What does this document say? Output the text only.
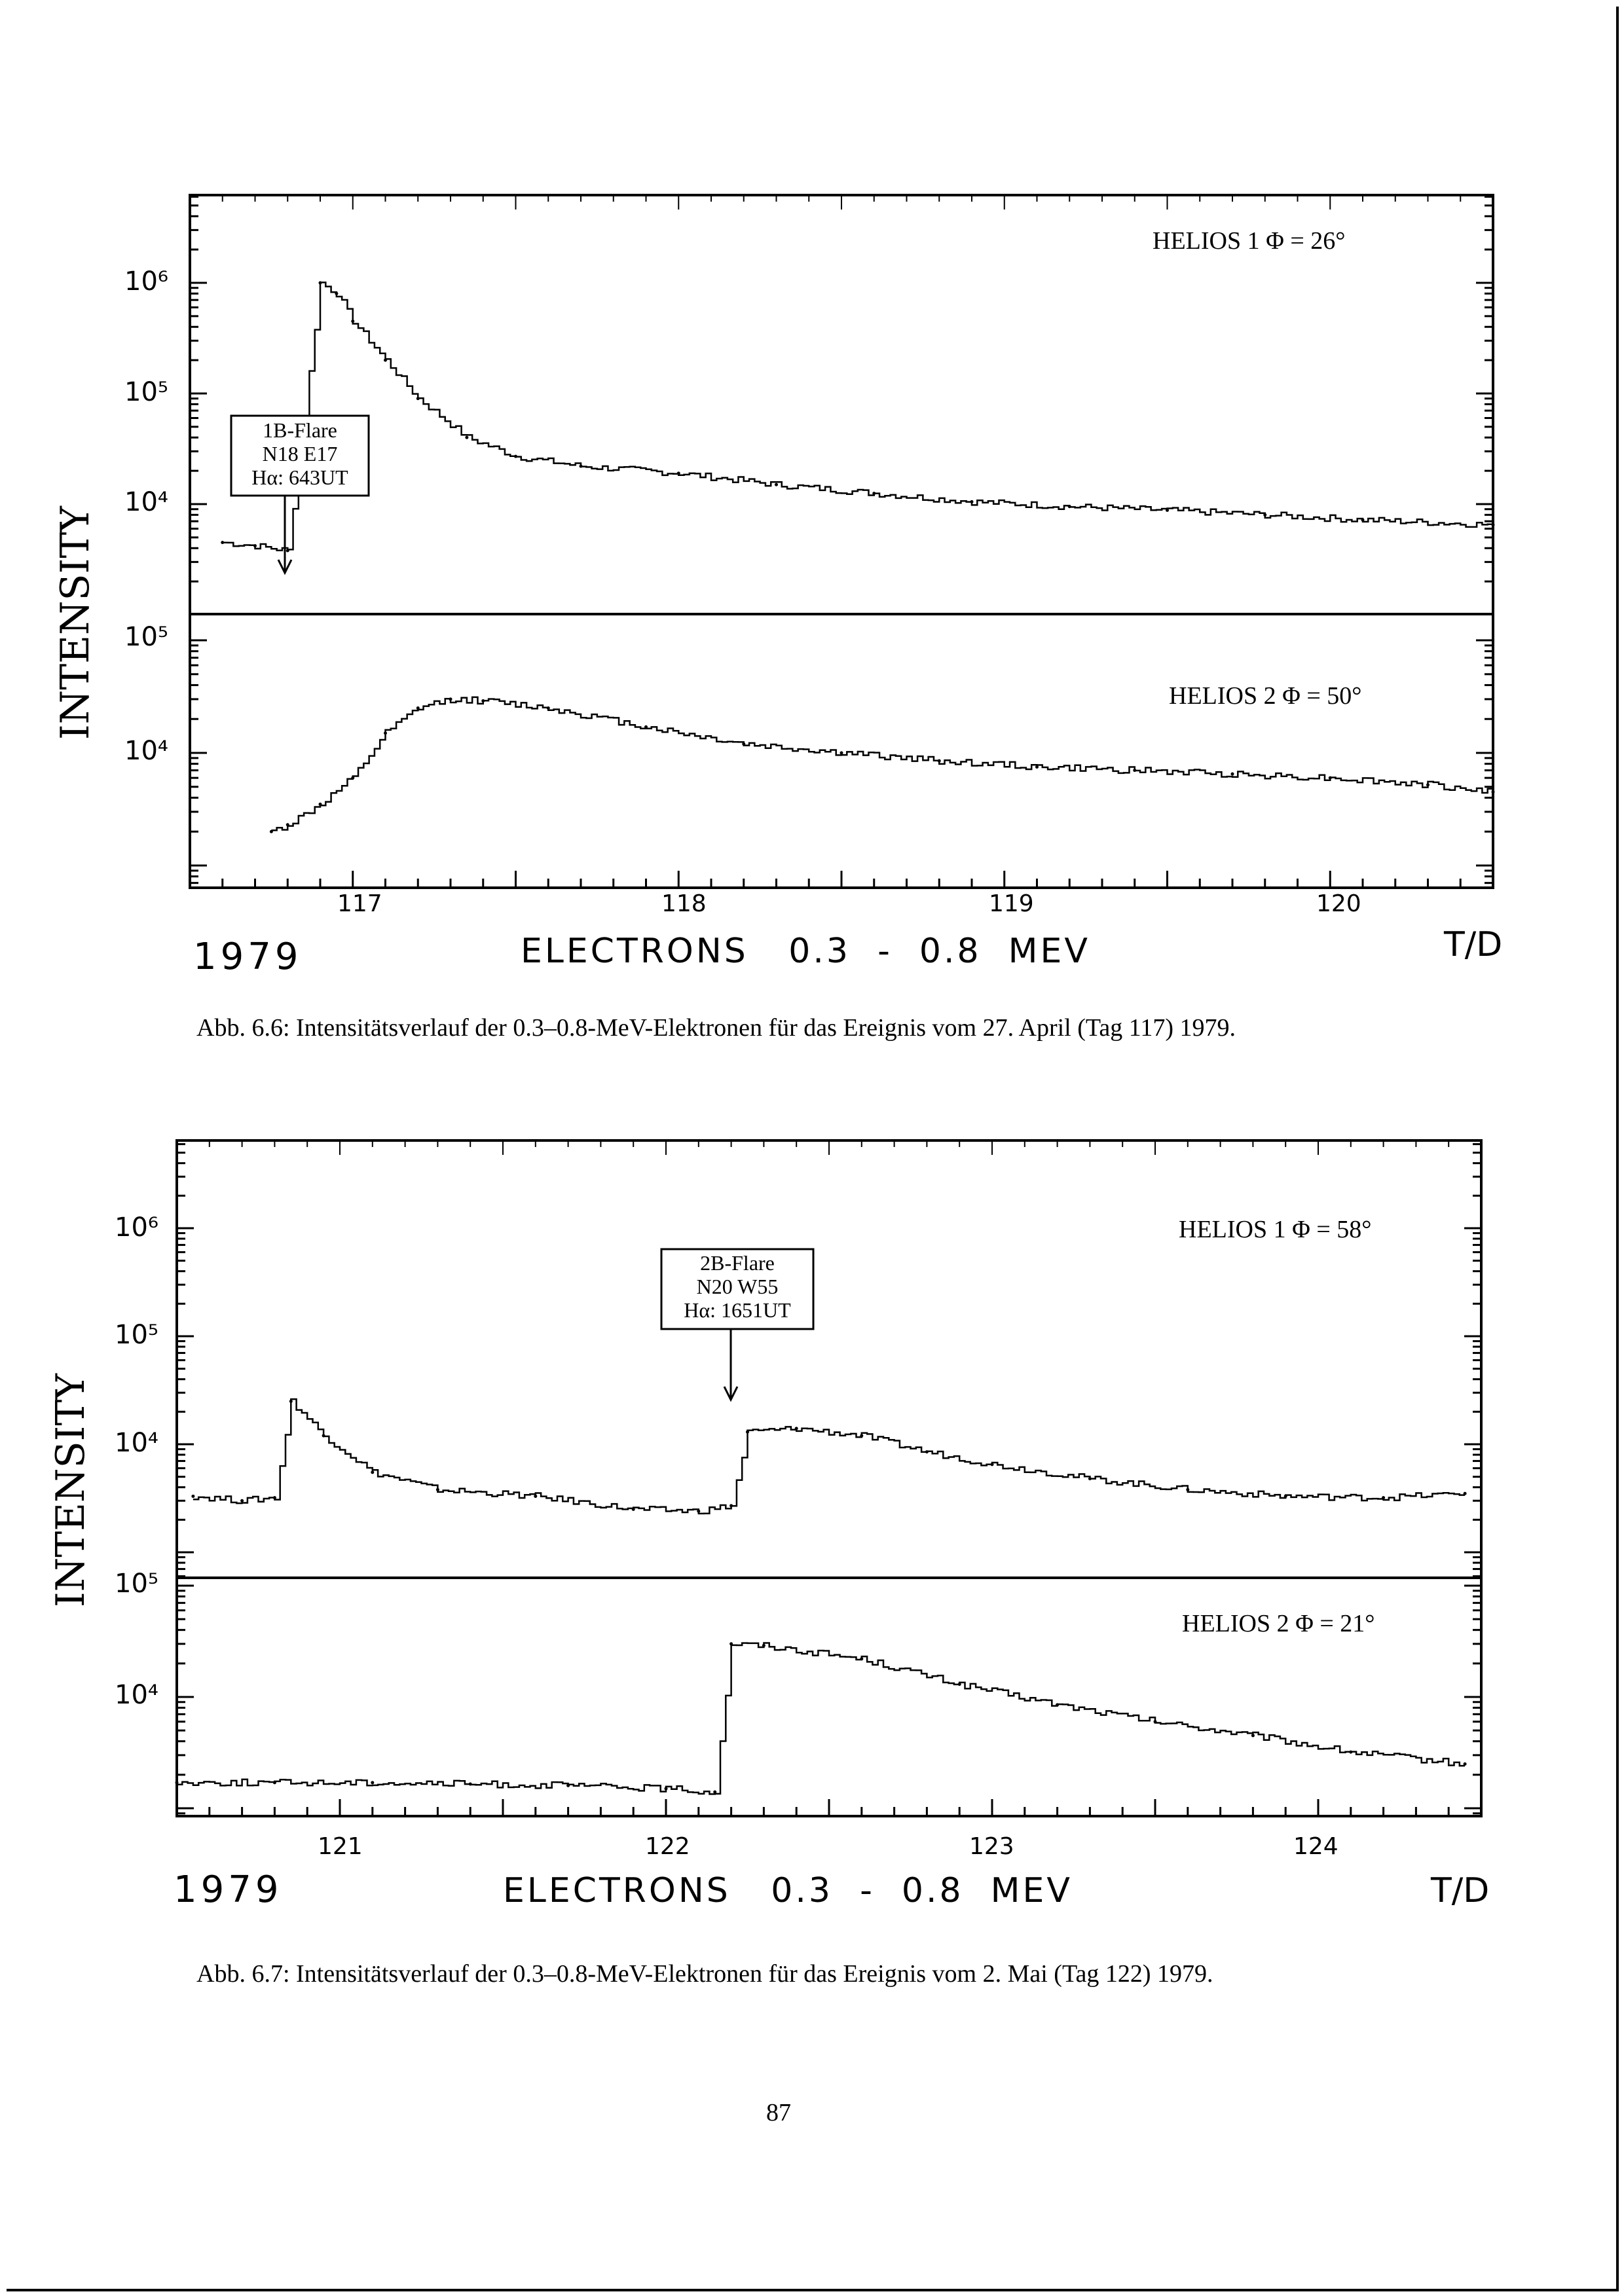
INTENSITY
10⁶
10⁵
10⁴
10⁵
10⁴
HELIOS 1 Φ = 26°
HELIOS 2 Φ = 50°
1B-Flare
N18 E17
Hα: 643UT
117	118	119	120
1979	ELECTRONS   0.3  -  0.8  MEV	T/D
INTENSITY
10⁶
10⁵
10⁴
10⁵
10⁴
HELIOS 1 Φ = 58°
HELIOS 2 Φ = 21°
2B-Flare
N20 W55
Hα: 1651UT
121	122	123	124
1979	ELECTRONS   0.3  -  0.8  MEV	T/D
Abb. 6.6: Intensitätsverlauf der 0.3–0.8-MeV-Elektronen für das Ereignis vom 27. April (Tag 117) 1979.
Abb. 6.7: Intensitätsverlauf der 0.3–0.8-MeV-Elektronen für das Ereignis vom 2. Mai (Tag 122) 1979.
87
